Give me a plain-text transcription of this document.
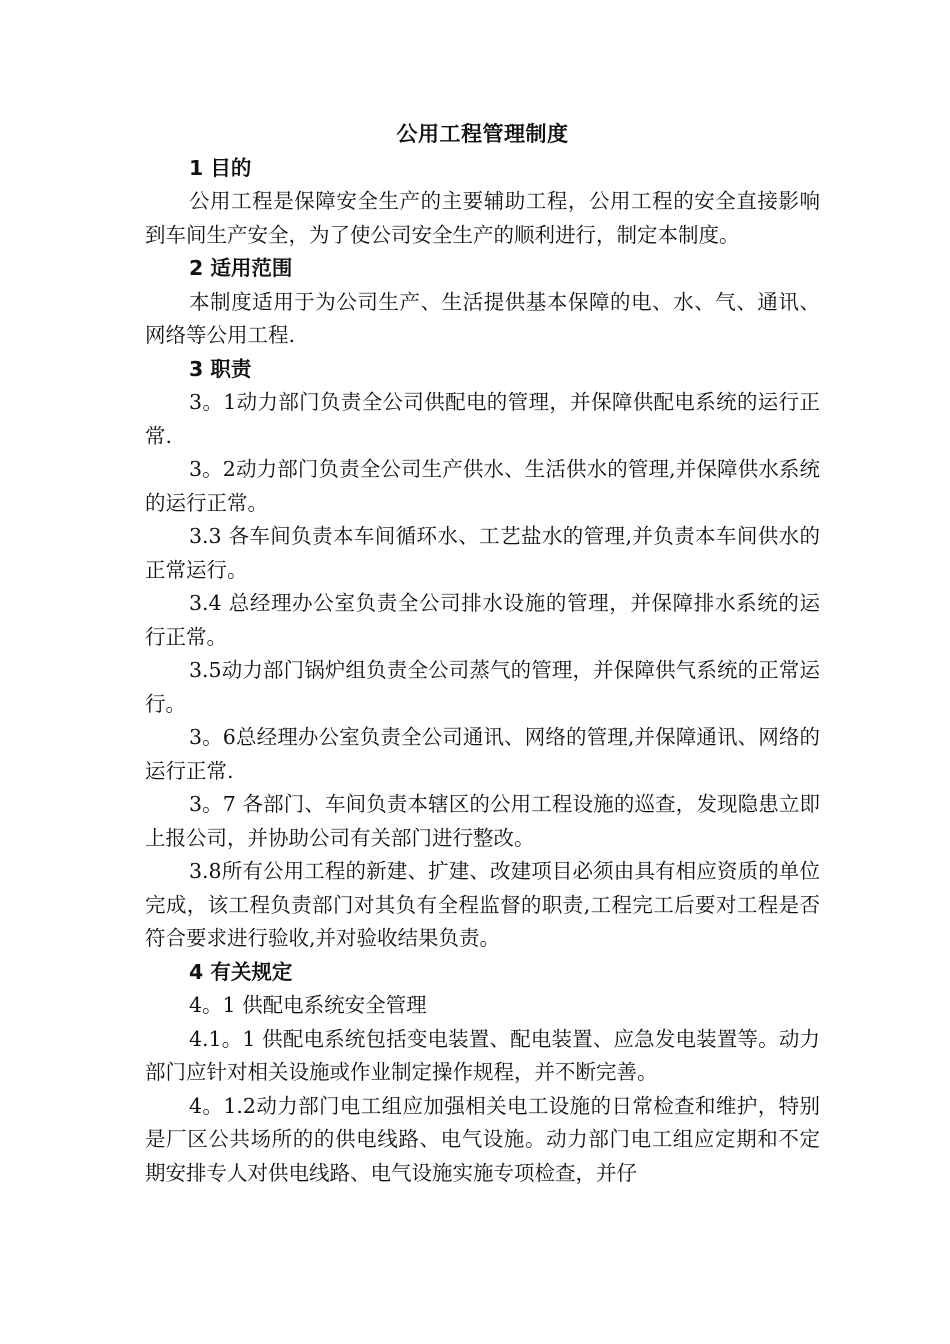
公用工程管理制度

1 目的

公用工程是保障安全生产的主要辅助工程，公用工程的安全直接影响到车间生产安全，为了使公司安全生产的顺利进行，制定本制度。

2 适用范围

本制度适用于为公司生产、生活提供基本保障的电、水、气、通讯、网络等公用工程.

3 职责

3。1动力部门负责全公司供配电的管理，并保障供配电系统的运行正常.

3。2动力部门负责全公司生产供水、生活供水的管理,并保障供水系统的运行正常。

3.3 各车间负责本车间循环水、工艺盐水的管理,并负责本车间供水的正常运行。

3.4 总经理办公室负责全公司排水设施的管理，并保障排水系统的运行正常。

3.5动力部门锅炉组负责全公司蒸气的管理，并保障供气系统的正常运行。

3。6总经理办公室负责全公司通讯、网络的管理,并保障通讯、网络的运行正常.

3。7 各部门、车间负责本辖区的公用工程设施的巡查，发现隐患立即上报公司，并协助公司有关部门进行整改。

3.8所有公用工程的新建、扩建、改建项目必须由具有相应资质的单位完成，该工程负责部门对其负有全程监督的职责,工程完工后要对工程是否符合要求进行验收,并对验收结果负责。

4 有关规定

4。1 供配电系统安全管理

4.1。1 供配电系统包括变电装置、配电装置、应急发电装置等。动力部门应针对相关设施或作业制定操作规程，并不断完善。

4。1.2动力部门电工组应加强相关电工设施的日常检查和维护，特别是厂区公共场所的的供电线路、电气设施。动力部门电工组应定期和不定期安排专人对供电线路、电气设施实施专项检查，并仔
